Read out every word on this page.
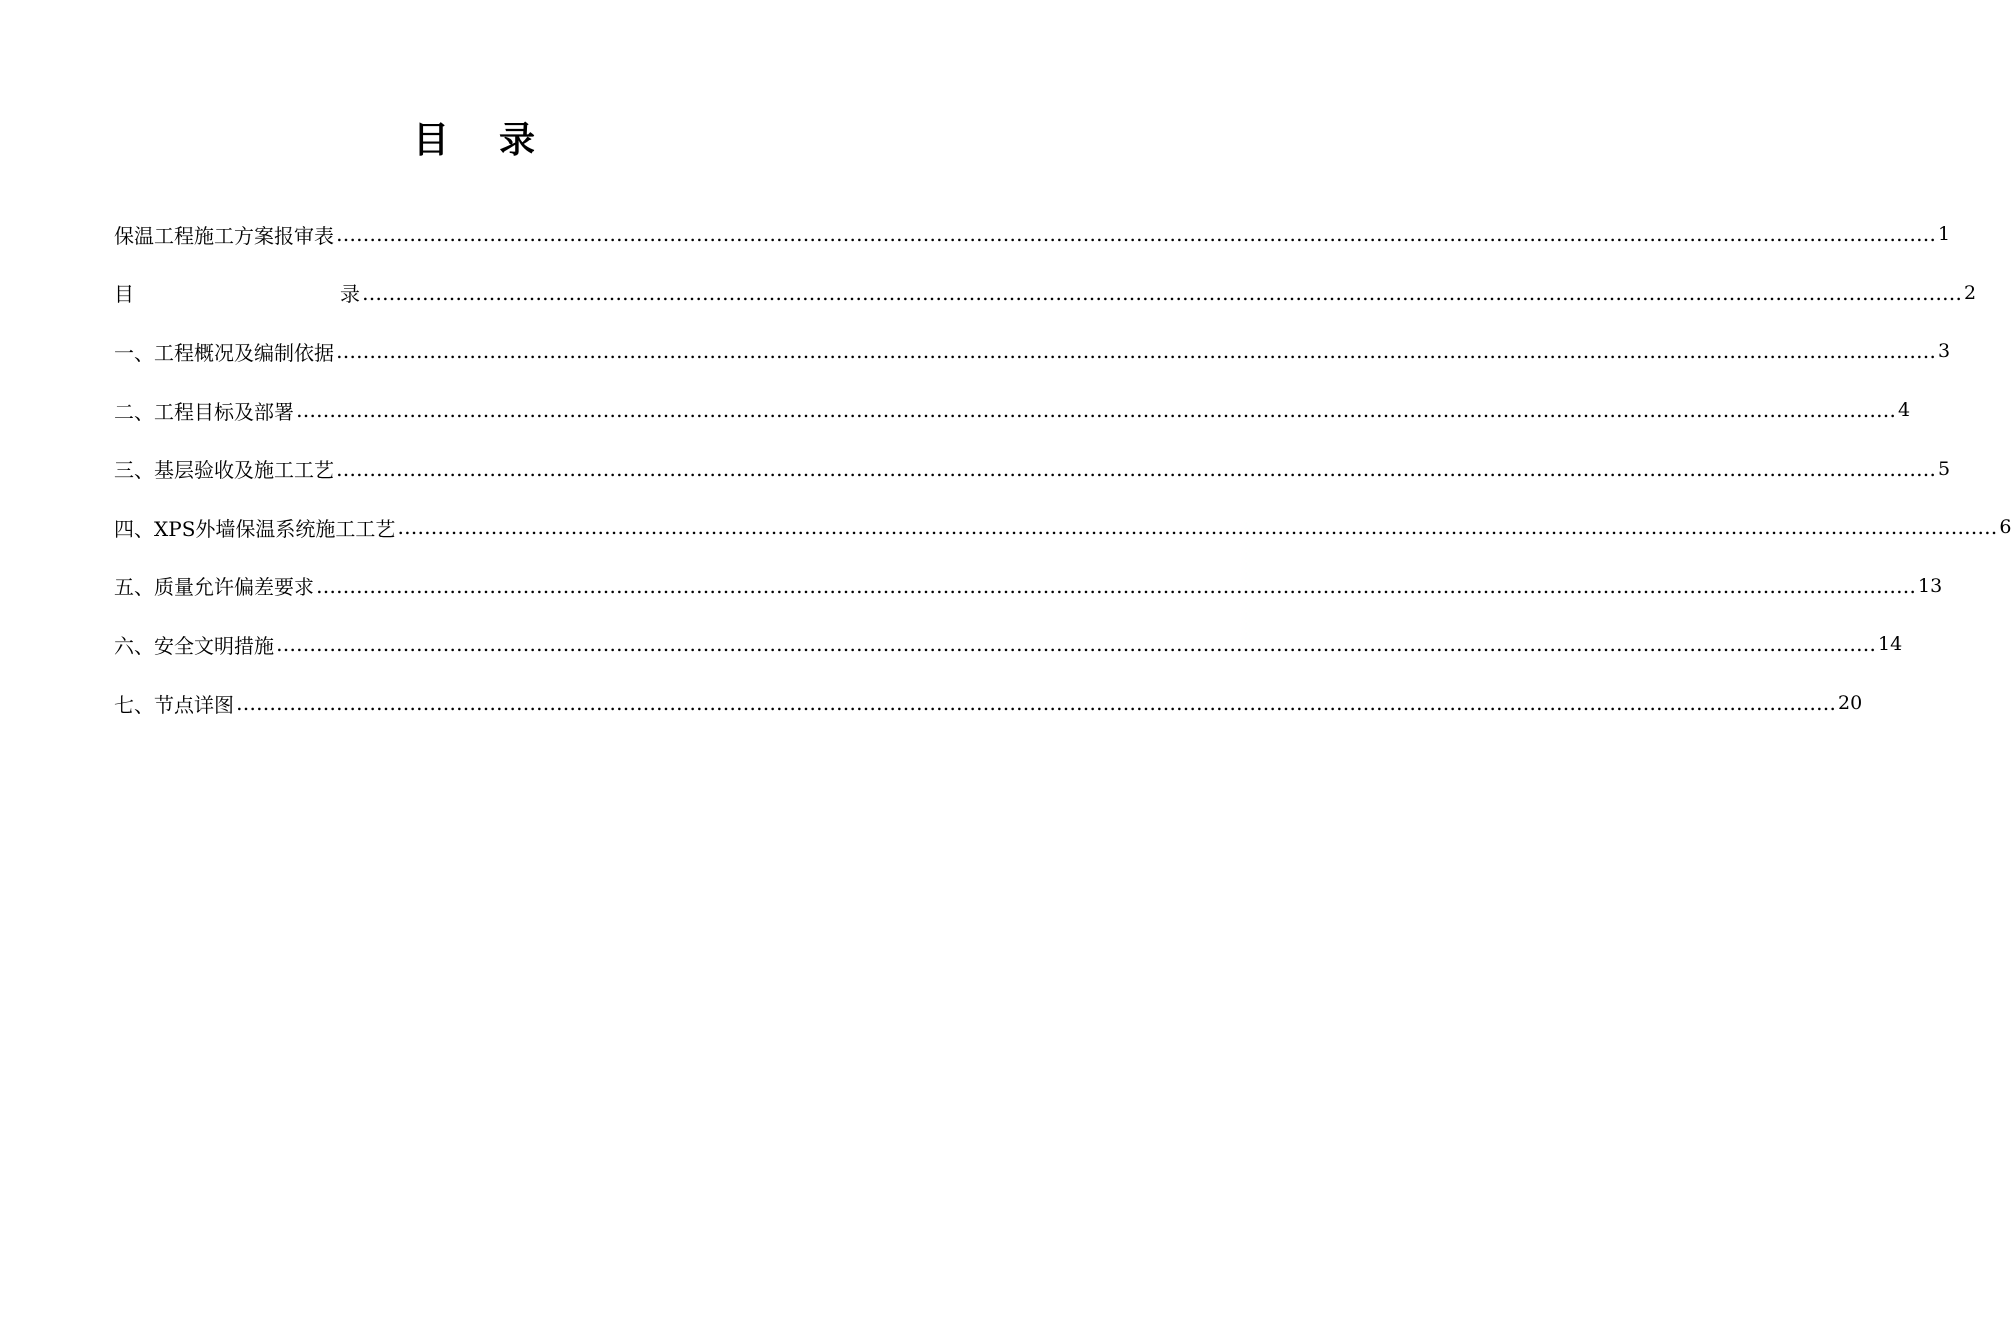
目 录
保温工程施工方案报审表 …………………………………………………………………………………………………………………………………………………………………………………………………………………… 1
目	录 …………………………………………………………………………………………………………………………………………………………………………………………………………………… 2
一、工程概况及编制依据 …………………………………………………………………………………………………………………………………………………………………………………………………………………… 3
二、工程目标及部署 …………………………………………………………………………………………………………………………………………………………………………………………………………………… 4
三、基层验收及施工工艺 …………………………………………………………………………………………………………………………………………………………………………………………………………………… 5
四、XPS外墙保温系统施工工艺 …………………………………………………………………………………………………………………………………………………………………………………………………………………… 6
五、质量允许偏差要求 …………………………………………………………………………………………………………………………………………………………………………………………………………………… 13
六、安全文明措施 …………………………………………………………………………………………………………………………………………………………………………………………………………………… 14
七、节点详图 …………………………………………………………………………………………………………………………………………………………………………………………………………………… 20
